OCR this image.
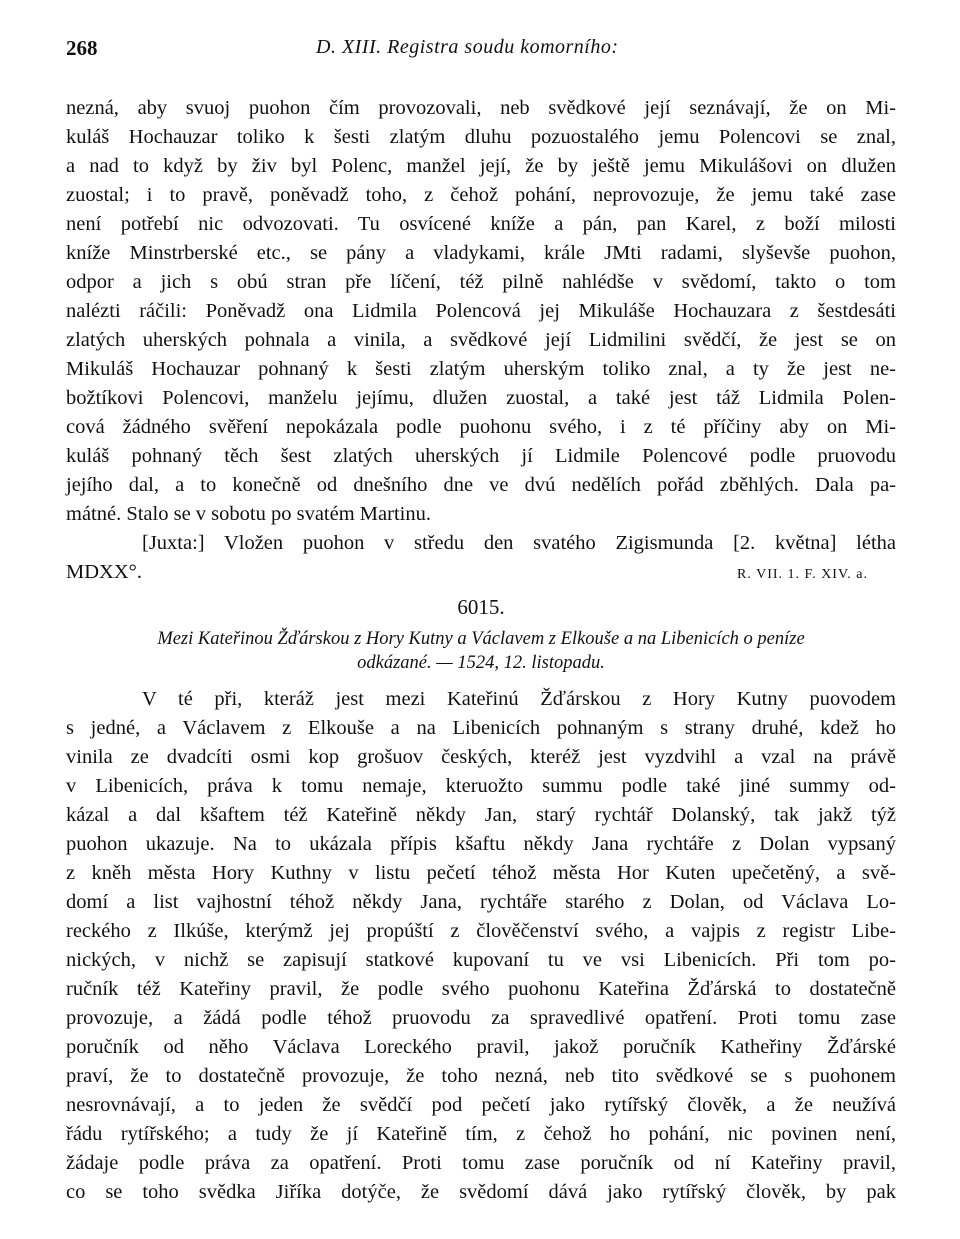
268	D. XIII. Registra soudu komorního:
nezná, aby svuoj puohon čím provozovali, neb svědkové její seznávají, že on Mi-
kuláš Hochauzar toliko k šesti zlatým dluhu pozuostalého jemu Polencovi se znal,
a nad to když by živ byl Polenc, manžel její, že by ještě jemu Mikulášovi on dlužen
zuostal; i to pravě, poněvadž toho, z čehož pohání, neprovozuje, že jemu také zase
není potřebí nic odvozovati. Tu osvícené kníže a pán, pan Karel, z boží milosti
kníže Minstrberské etc., se pány a vladykami, krále JMti radami, slyševše puohon,
odpor a jich s obú stran pře líčení, též pilně nahlédše v svědomí, takto o tom
nalézti ráčili: Poněvadž ona Lidmila Polencová jej Mikuláše Hochauzara z šestdesáti
zlatých uherských pohnala a vinila, a svědkové její Lidmilini svědčí, že jest se on
Mikuláš Hochauzar pohnaný k šesti zlatým uherským toliko znal, a ty že jest ne-
božtíkovi Polencovi, manželu jejímu, dlužen zuostal, a také jest táž Lidmila Polen-
cová žádného svěření nepokázala podle puohonu svého, i z té příčiny aby on Mi-
kuláš pohnaný těch šest zlatých uherských jí Lidmile Polencové podle pruovodu
jejího dal, a to konečně od dnešního dne ve dvú nedělích pořád zběhlých. Dala pa-
mátné. Stalo se v sobotu po svatém Martinu.
[Juxta:] Vložen puohon v středu den svatého Zigismunda [2. května] létha
MDXX°.	R. VII. 1. F. XIV. a.
6015.
Mezi Kateřinou Žďárskou z Hory Kutny a Václavem z Elkouše a na Libenicích o peníze
odkázané. — 1524, 12. listopadu.
V té při, kteráž jest mezi Kateřinú Žďárskou z Hory Kutny puovodem
s jedné, a Václavem z Elkouše a na Libenicích pohnaným s strany druhé, kdež ho
vinila ze dvadcíti osmi kop grošuov českých, kteréž jest vyzdvihl a vzal na právě
v Libenicích, práva k tomu nemaje, kteruožto summu podle také jiné summy od-
kázal a dal kšaftem též Kateřině někdy Jan, starý rychtář Dolanský, tak jakž týž
puohon ukazuje. Na to ukázala přípis kšaftu někdy Jana rychtáře z Dolan vypsaný
z kněh města Hory Kuthny v listu pečetí téhož města Hor Kuten upečetěný, a svě-
domí a list vajhostní téhož někdy Jana, rychtáře starého z Dolan, od Václava Lo-
reckého z Ilkúše, kterýmž jej propúští z člověčenství svého, a vajpis z registr Libe-
nických, v nichž se zapisují statkové kupovaní tu ve vsi Libenicích. Při tom po-
ručník též Kateřiny pravil, že podle svého puohonu Kateřina Žďárská to dostatečně
provozuje, a žádá podle téhož pruovodu za spravedlivé opatření. Proti tomu zase
poručník od něho Václava Loreckého pravil, jakož poručník Katheřiny Žďárské
praví, že to dostatečně provozuje, že toho nezná, neb tito svědkové se s puohonem
nesrovnávají, a to jeden že svědčí pod pečetí jako rytířský člověk, a že neužívá
řádu rytířského; a tudy že jí Kateřině tím, z čehož ho pohání, nic povinen není,
žádaje podle práva za opatření. Proti tomu zase poručník od ní Kateřiny pravil,
co se toho svědka Jiříka dotýče, že svědomí dává jako rytířský člověk, by pak
